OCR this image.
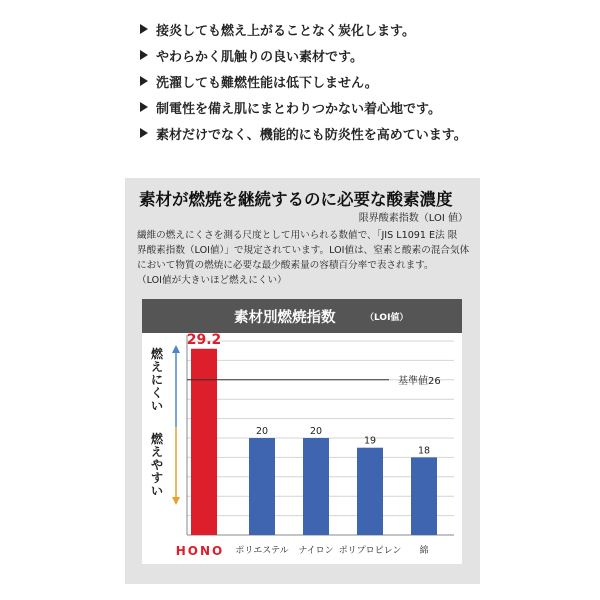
接炎しても燃え上がることなく炭化します。
やわらかく肌触りの良い素材です。
洗濯しても難燃性能は低下しません。
制電性を備え肌にまとわりつかない着心地です。
素材だけでなく、機能的にも防炎性を高めています。
素材が燃焼を継続するのに必要な酸素濃度
限界酸素指数（LOI 値）
繊維の燃えにくさを測る尺度として用いられる数値で、「JIS L1091 E法 限
界酸素指数（LOI値）」で規定されています。LOI値は、窒素と酸素の混合気体
において物質の燃焼に必要な最少酸素量の容積百分率で表されます。
（LOI値が大きいほど燃えにくい）
素材別燃焼指数	（LOI値）
29.2
20	20
19
18
基準値26
HONO ポリエステル ナイロン ポリプロピレン 綿
燃
え
に
く
い
燃
え
や
す
い
